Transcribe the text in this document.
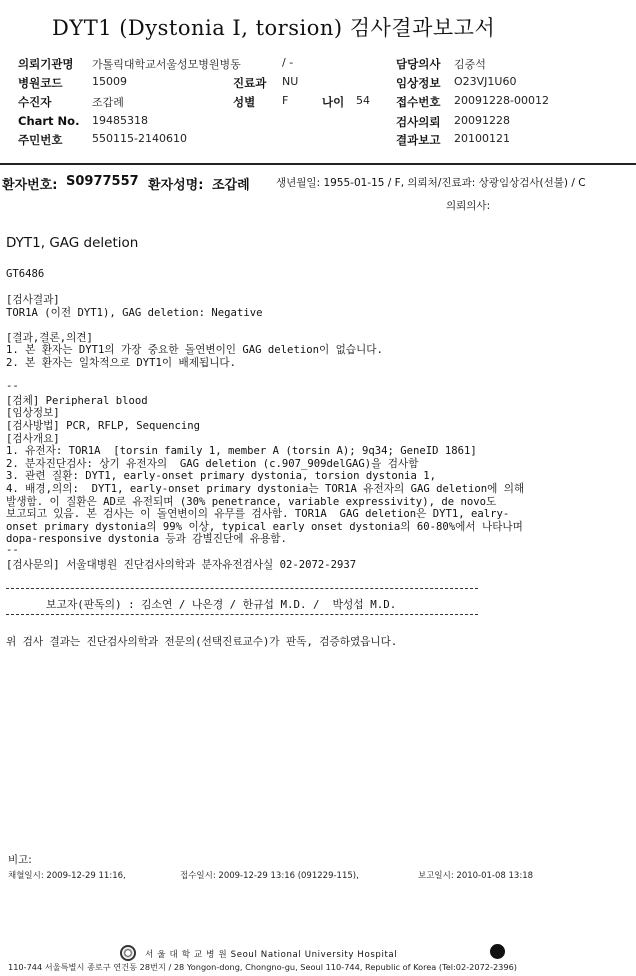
DYT1 (Dystonia I, torsion) 검사결과보고서
의뢰기관명 가톨릭대학교서울성모병원병동	/ -
병원코드	15009	진료과 NU
수진자	조갑례	성별 F	나이 54
Chart No. 19485318
주민번호	550115-2140610
담당의사 김중석
임상정보 O23VJ1U60
접수번호 20091228-00012
검사의뢰 20091228
결과보고 20100121
환자번호: S0977557 환자성명: 조갑례	생년월일: 1955-01-15 / F, 의뢰처/진료과: 상광임상검사(선불) / C
의뢰의사:
DYT1, GAG deletion
GT6486
[검사결과]
TOR1A (이전 DYT1), GAG deletion: Negative
[결과,결론,의견]
1. 본 환자는 DYT1의 가장 중요한 돌연변이인 GAG deletion이 없습니다.
2. 본 환자는 일차적으로 DYT1이 배제됩니다.
--
[검체] Peripheral blood
[임상정보]
[검사방법] PCR, RFLP, Sequencing
[검사개요]
1. 유전자: TOR1A  [torsin family 1, member A (torsin A); 9q34; GeneID 1861]
2. 분자진단검사: 상기 유전자의  GAG deletion (c.907_909delGAG)을 검사함
3. 관련 질환: DYT1, early-onset primary dystonia, torsion dystonia 1,
4. 배경,의의:  DYT1, early-onset primary dystonia는 TOR1A 유전자의 GAG deletion에 의해
발생함. 이 질환은 AD로 유전되며 (30% penetrance, variable expressivity), de novo도
보고되고 있음. 본 검사는 이 돌연변이의 유무를 검사함. TOR1A  GAG deletion은 DYT1, ealry-
onset primary dystonia의 99% 이상, typical early onset dystonia의 60-80%에서 나타나며
dopa-responsive dystonia 등과 감별진단에 유용함.
--
[검사문의] 서울대병원 진단검사의학과 분자유전검사실 02-2072-2937
보고자(판독의) : 김소연 / 나은경 / 한규섭 M.D. /  박성섭 M.D.
위 검사 결과는 진단검사의학과 전문의(선택진료교수)가 판독, 검증하였읍니다.
비고:
채혈일시: 2009-12-29 11:16,	접수일시: 2009-12-29 13:16 (091229-115),	보고일시: 2010-01-08 13:18
서 울 대 학 교 병 원 Seoul National University Hospital
110-744 서울특별시 종로구 연건동 28번지 / 28 Yongon-dong, Chongno-gu, Seoul 110-744, Republic of Korea (Tel:02-2072-2396)
